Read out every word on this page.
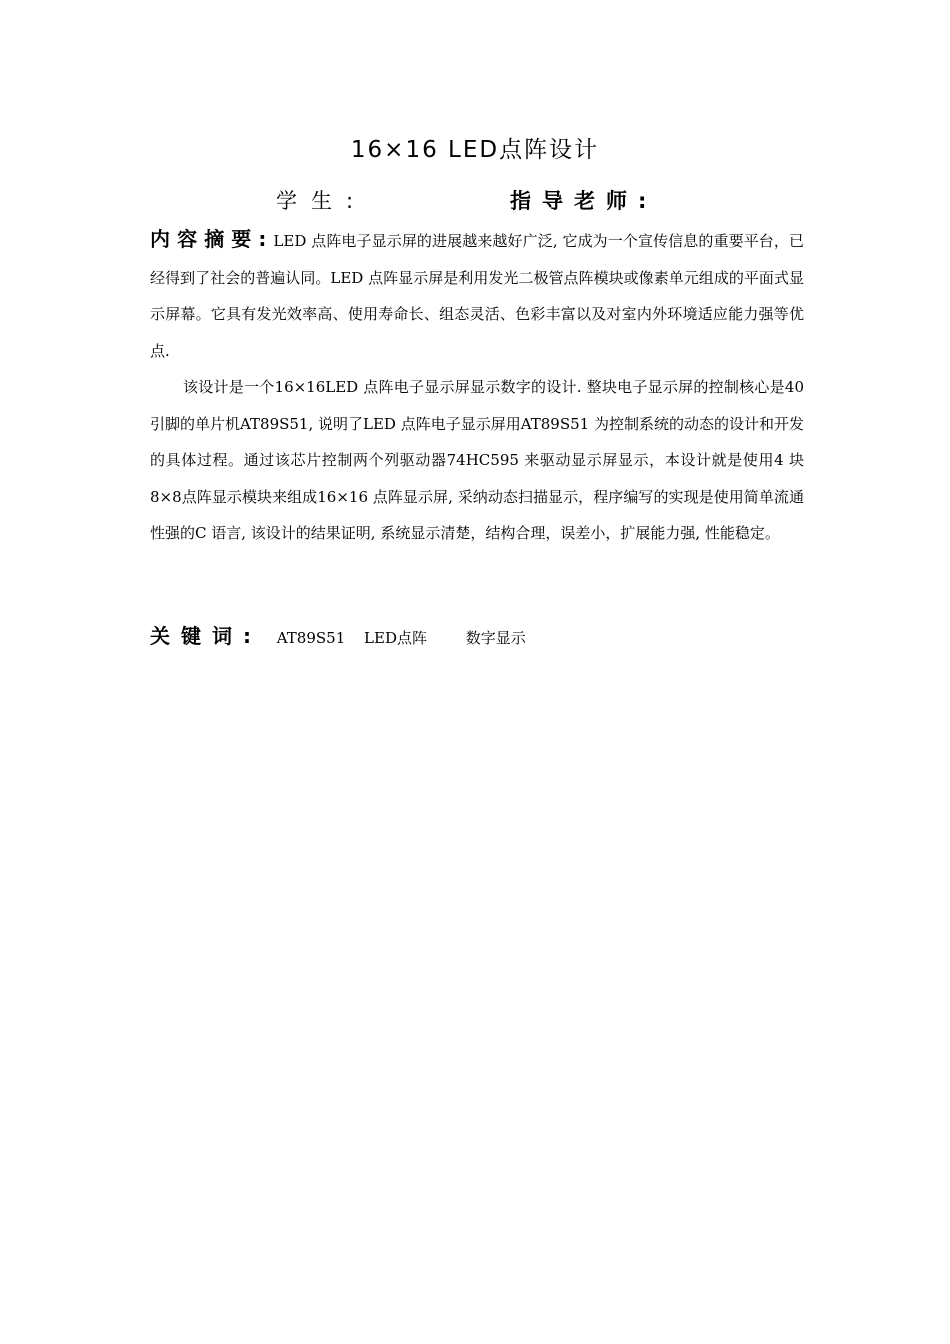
16×16 LED点阵设计
学生:	指导老师:

内容摘要:LED 点阵电子显示屏的进展越来越好广泛, 它成为一个宣传信息的重要平台，已经得到了社会的普遍认同。LED 点阵显示屏是利用发光二极管点阵模块或像素单元组成的平面式显示屏幕。它具有发光效率高、使用寿命长、组态灵活、色彩丰富以及对室内外环境适应能力强等优点.

该设计是一个16×16LED 点阵电子显示屏显示数字的设计. 整块电子显示屏的控制核心是40引脚的单片机AT89S51, 说明了LED 点阵电子显示屏用AT89S51 为控制系统的动态的设计和开发的具体过程。通过该芯片控制两个列驱动器74HC595 来驱动显示屏显示，本设计就是使用4 块8×8点阵显示模块来组成16×16 点阵显示屏, 采纳动态扫描显示，程序编写的实现是使用简单流通性强的C 语言, 该设计的结果证明, 系统显示清楚，结构合理，误差小，扩展能力强, 性能稳定。

关键词: AT89S51 LED点阵	数字显示
